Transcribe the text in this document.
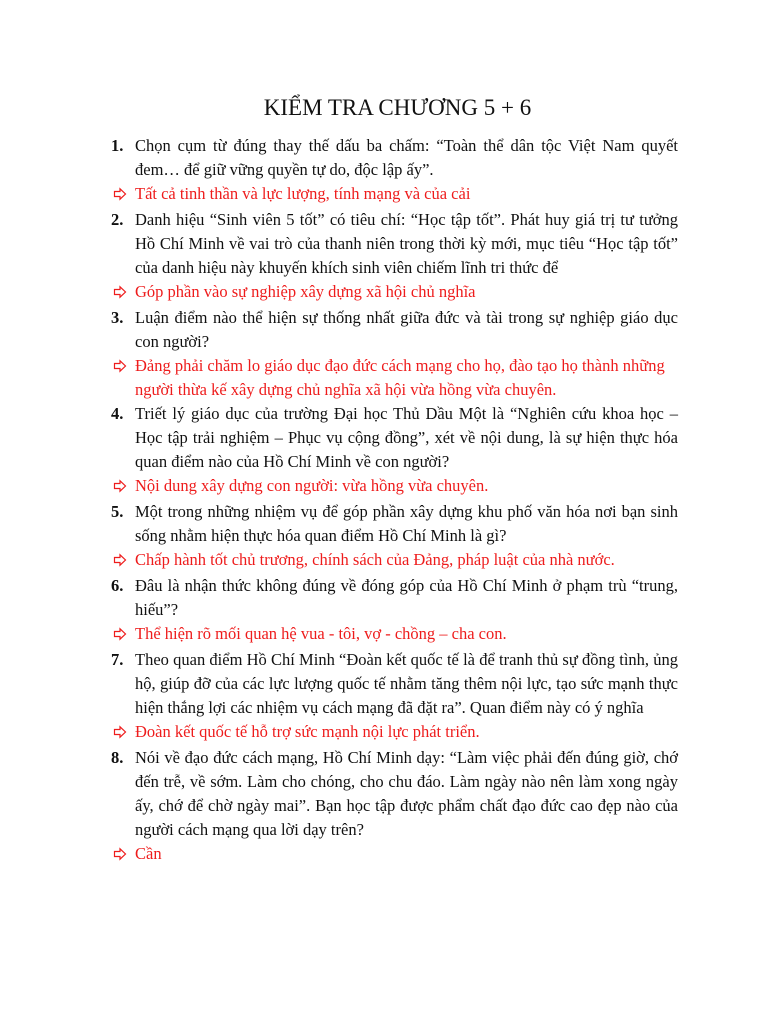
KIỂM TRA CHƯƠNG 5 + 6
1. Chọn cụm từ đúng thay thế dấu ba chấm: “Toàn thể dân tộc Việt Nam quyết đem… để giữ vững quyền tự do, độc lập ấy”.
Tất cả tinh thần và lực lượng, tính mạng và của cải
2. Danh hiệu “Sinh viên 5 tốt” có tiêu chí: “Học tập tốt”. Phát huy giá trị tư tưởng Hồ Chí Minh về vai trò của thanh niên trong thời kỳ mới, mục tiêu “Học tập tốt” của danh hiệu này khuyến khích sinh viên chiếm lĩnh tri thức để
Góp phần vào sự nghiệp xây dựng xã hội chủ nghĩa
3. Luận điểm nào thể hiện sự thống nhất giữa đức và tài trong sự nghiệp giáo dục con người?
Đảng phải chăm lo giáo dục đạo đức cách mạng cho họ, đào tạo họ thành những người thừa kế xây dựng chủ nghĩa xã hội vừa hồng vừa chuyên.
4. Triết lý giáo dục của trường Đại học Thủ Dầu Một là “Nghiên cứu khoa học – Học tập trải nghiệm – Phục vụ cộng đồng”, xét về nội dung, là sự hiện thực hóa quan điểm nào của Hồ Chí Minh về con người?
Nội dung xây dựng con người: vừa hồng vừa chuyên.
5. Một trong những nhiệm vụ để góp phần xây dựng khu phố văn hóa nơi bạn sinh sống nhằm hiện thực hóa quan điểm Hồ Chí Minh là gì?
Chấp hành tốt chủ trương, chính sách của Đảng, pháp luật của nhà nước.
6. Đâu là nhận thức không đúng về đóng góp của Hồ Chí Minh ở phạm trù “trung, hiếu”?
Thể hiện rõ mối quan hệ vua - tôi, vợ - chồng – cha con.
7. Theo quan điểm Hồ Chí Minh “Đoàn kết quốc tế là để tranh thủ sự đồng tình, ủng hộ, giúp đỡ của các lực lượng quốc tế nhằm tăng thêm nội lực, tạo sức mạnh thực hiện thắng lợi các nhiệm vụ cách mạng đã đặt ra”. Quan điểm này có ý nghĩa
Đoàn kết quốc tế hỗ trợ sức mạnh nội lực phát triển.
8. Nói về đạo đức cách mạng, Hồ Chí Minh dạy: “Làm việc phải đến đúng giờ, chớ đến trễ, về sớm. Làm cho chóng, cho chu đáo. Làm ngày nào nên làm xong ngày ấy, chớ để chờ ngày mai”. Bạn học tập được phẩm chất đạo đức cao đẹp nào của người cách mạng qua lời dạy trên?
Cần
